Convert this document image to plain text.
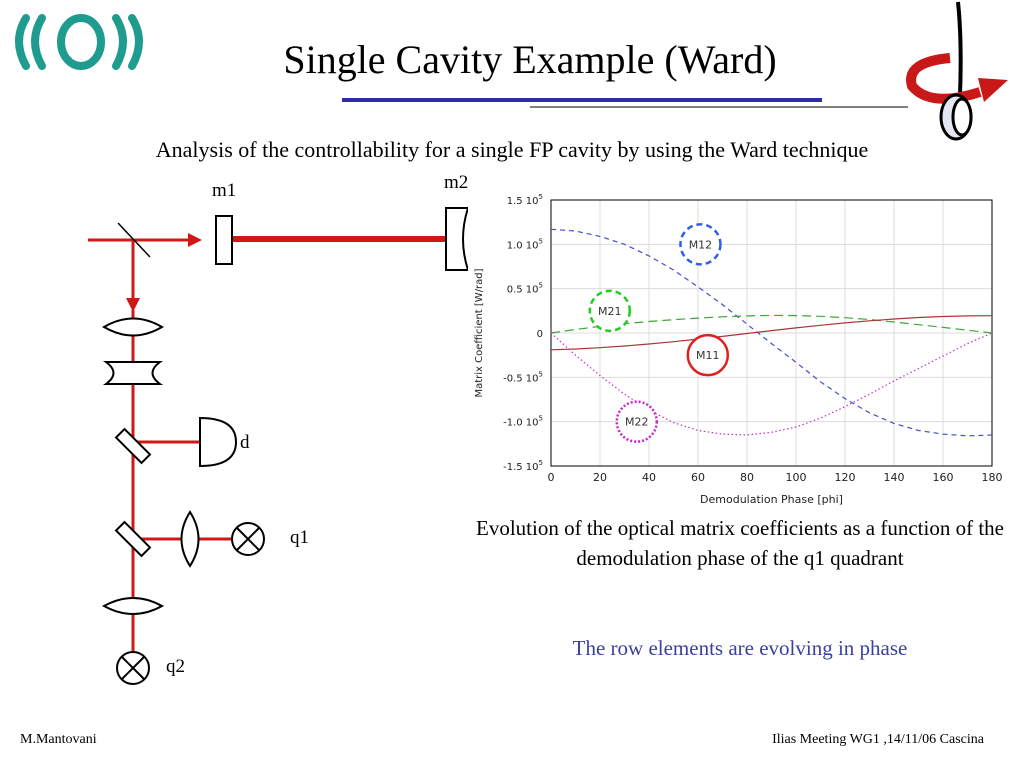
Single Cavity Example (Ward)
Analysis of the controllability for a single FP cavity by using the Ward technique
m1	m2
d
q1
q2
0	20	40	60	80	100	120	140	160	180
1.5 $10^5$
1.0 $10^5$
0.5 $10^5$
0
-0.5 $10^5$
-1.0 $10^5$
-1.5 $10^5$
M12
M21
M11
M22
Demodulation Phase [phi]
Matrix Coefficient [W/rad]
Evolution of the optical matrix coefficients as a function of the demodulation phase of the q1 quadrant
The row elements are evolving in phase
M.Mantovani	Ilias Meeting WG1 ,14/11/06 Cascina
